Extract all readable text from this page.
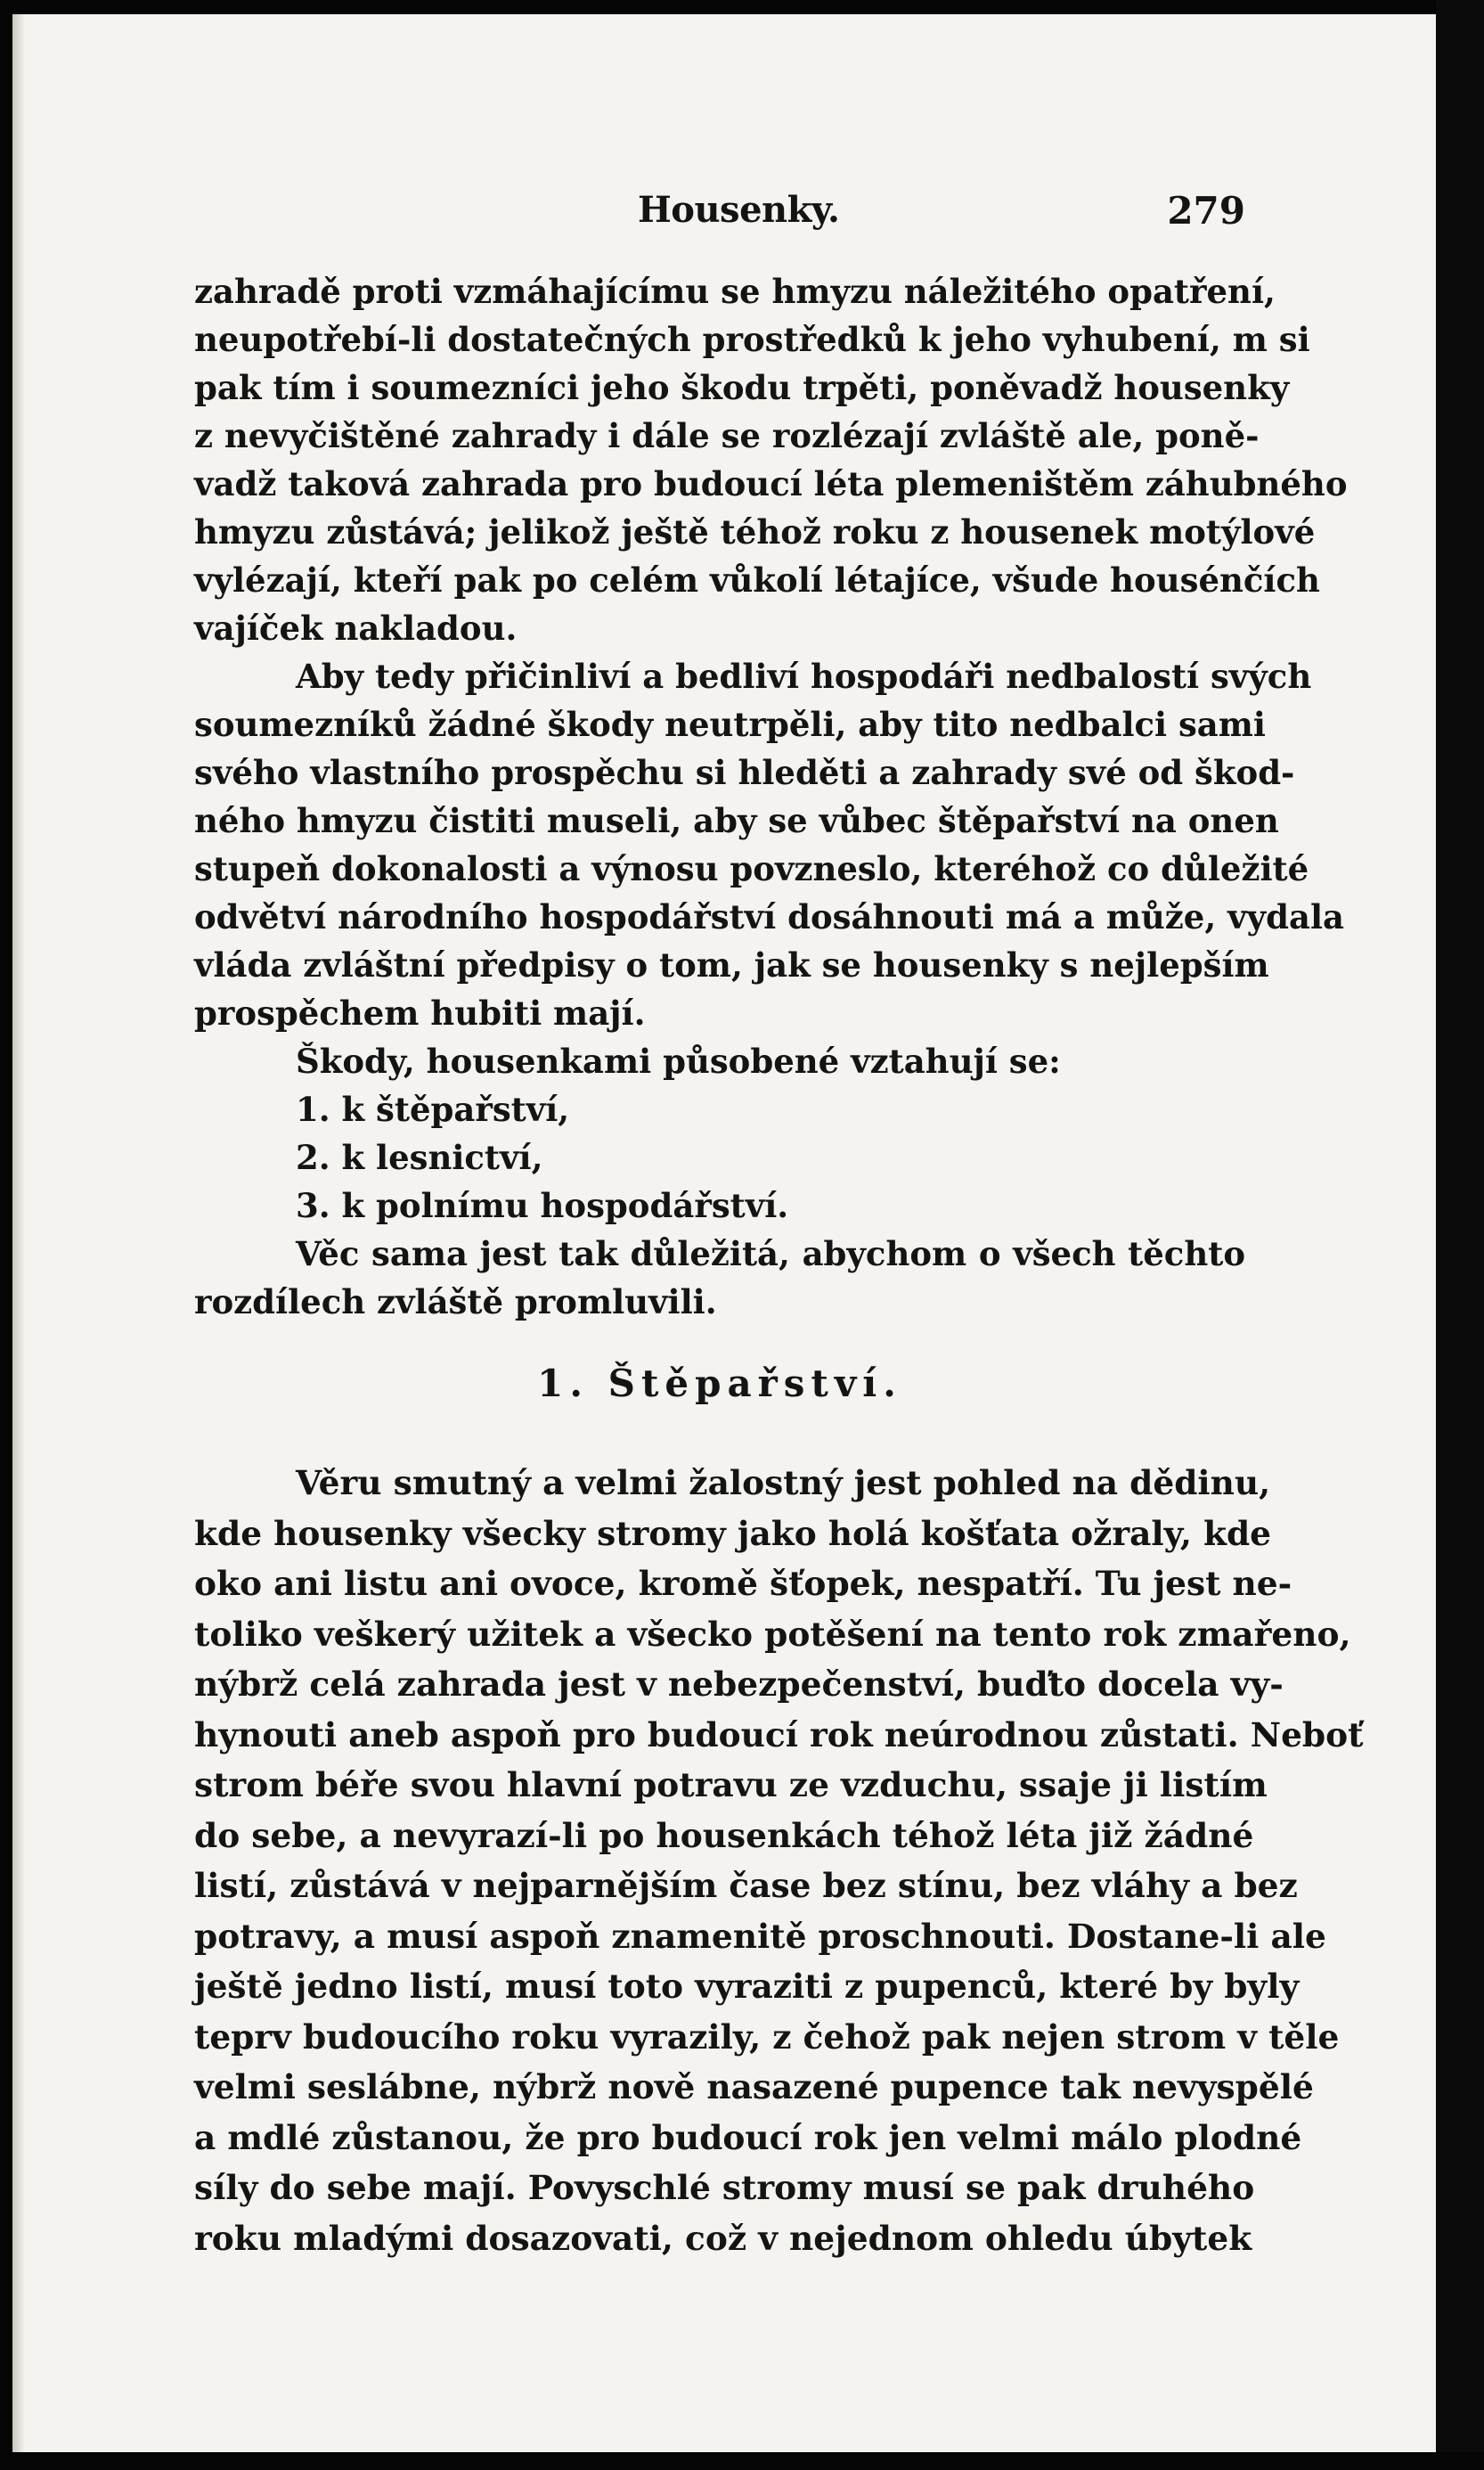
Housenky.	279
zahradě proti vzmáhajícímu se hmyzu náležitého opatření,
neupotřebí-li dostatečných prostředků k jeho vyhubení, m si
pak tím i soumezníci jeho škodu trpěti, poněvadž housenky
z nevyčištěné zahrady i dále se rozlézají zvláště ale, poně-
vadž taková zahrada pro budoucí léta plemeništěm záhubného
hmyzu zůstává; jelikož ještě téhož roku z housenek motýlové
vylézají, kteří pak po celém vůkolí létajíce, všude housénčích
vajíček nakladou.
Aby tedy přičinliví a bedliví hospodáři nedbalostí svých
soumezníků žádné škody neutrpěli, aby tito nedbalci sami
svého vlastního prospěchu si hleděti a zahrady své od škod-
ného hmyzu čistiti museli, aby se vůbec štěpařství na onen
stupeň dokonalosti a výnosu povzneslo, kteréhož co důležité
odvětví národního hospodářství dosáhnouti má a může, vydala
vláda zvláštní předpisy o tom, jak se housenky s nejlepším
prospěchem hubiti mají.
Škody, housenkami působené vztahují se:
1. k štěpařství,
2. k lesnictví,
3. k polnímu hospodářství.
Věc sama jest tak důležitá, abychom o všech těchto
rozdílech zvláště promluvili.
1. Štěpařství.
Věru smutný a velmi žalostný jest pohled na dědinu,
kde housenky všecky stromy jako holá košťata ožraly, kde
oko ani listu ani ovoce, kromě šťopek, nespatří. Tu jest ne-
toliko veškerý užitek a všecko potěšení na tento rok zmařeno,
nýbrž celá zahrada jest v nebezpečenství, buďto docela vy-
hynouti aneb aspoň pro budoucí rok neúrodnou zůstati. Neboť
strom béře svou hlavní potravu ze vzduchu, ssaje ji listím
do sebe, a nevyrazí-li po housenkách téhož léta již žádné
listí, zůstává v nejparnějším čase bez stínu, bez vláhy a bez
potravy, a musí aspoň znamenitě proschnouti. Dostane-li ale
ještě jedno listí, musí toto vyraziti z pupenců, které by byly
teprv budoucího roku vyrazily, z čehož pak nejen strom v těle
velmi seslábne, nýbrž nově nasazené pupence tak nevyspělé
a mdlé zůstanou, že pro budoucí rok jen velmi málo plodné
síly do sebe mají. Povyschlé stromy musí se pak druhého
roku mladými dosazovati, což v nejednom ohledu úbytek
